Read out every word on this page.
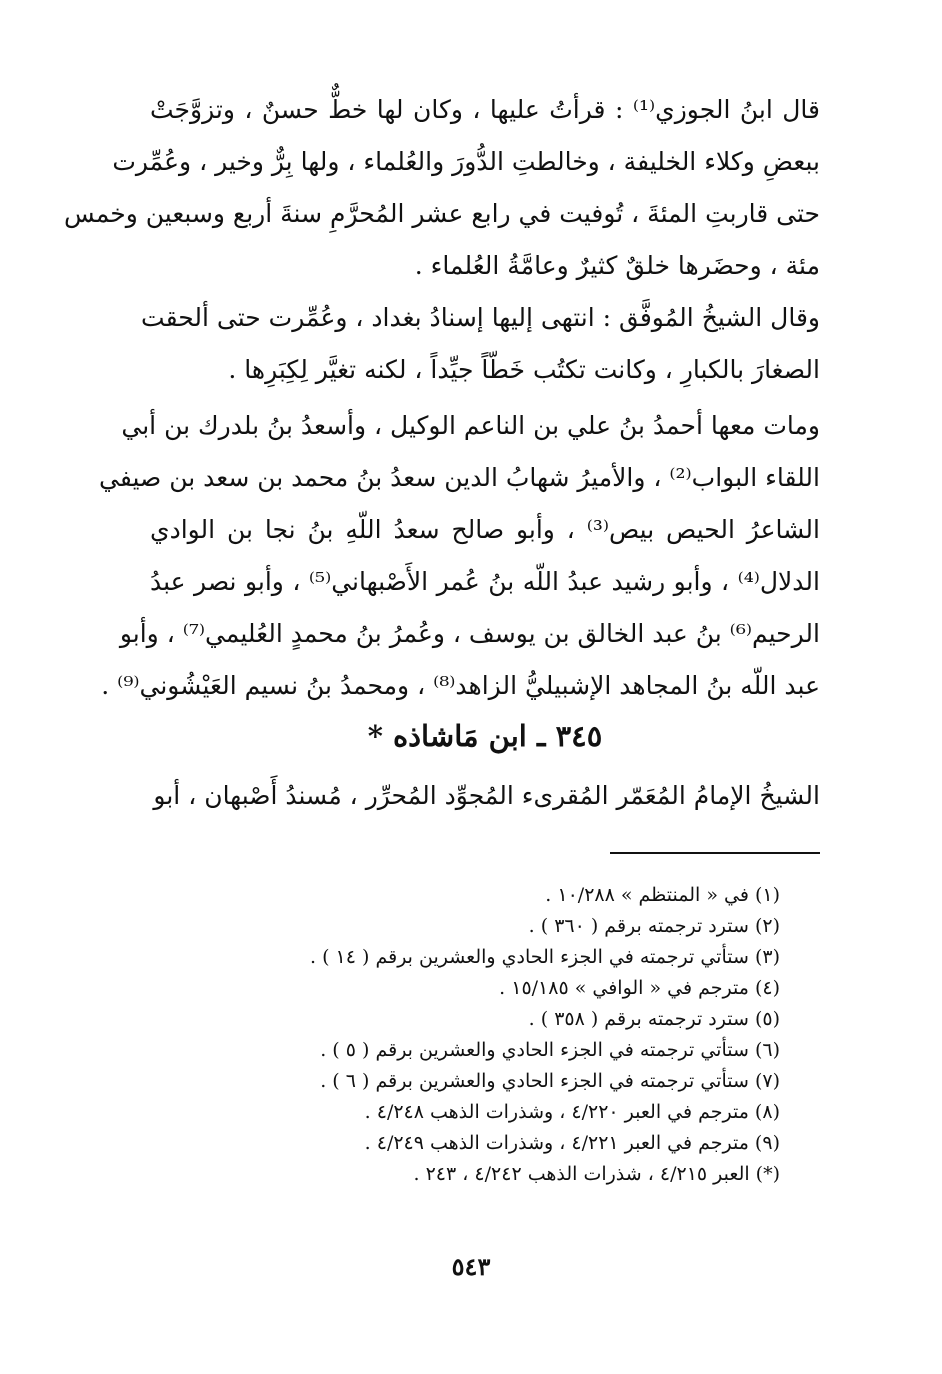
قال ابنُ الجوزي⁽¹⁾ : قرأتُ عليها ، وكان لها خطٌّ حسنٌ ، وتزوَّجَتْ
ببعضِ وكلاء الخليفة ، وخالطتِ الدُّورَ والعُلماء ، ولها بِرٌّ وخير ، وعُمِّرت
حتى قاربتِ المئةَ ، تُوفيت في رابع عشر المُحرَّمِ سنةَ أربع وسبعين وخمس
مئة ، وحضَرها خلقٌ كثيرٌ وعامَّةُ العُلماء .
وقال الشيخُ المُوفَّق : انتهى إليها إسنادُ بغداد ، وعُمِّرت حتى ألحقت
الصغارَ بالكبارِ ، وكانت تكتُب خَطّاً جيِّداً ، لكنه تغيَّر لِكِبَرِها .
ومات معها أحمدُ بنُ علي بن الناعم الوكيل ، وأسعدُ بنُ بلدرك بن أبي
اللقاء البواب⁽²⁾ ، والأميرُ شهابُ الدين سعدُ بنُ محمد بن سعد بن صيفي
الشاعرُ الحيص بيص⁽³⁾ ، وأبو صالح سعدُ اللّهِ بنُ نجا بن الوادي
الدلال⁽⁴⁾ ، وأبو رشيد عبدُ اللّه بنُ عُمر الأَصْبهاني⁽⁵⁾ ، وأبو نصر عبدُ
الرحيم⁽⁶⁾ بنُ عبد الخالق بن يوسف ، وعُمرُ بنُ محمدٍ العُليمي⁽⁷⁾ ، وأبو
عبد اللّه بنُ المجاهد الإشبيليُّ الزاهد⁽⁸⁾ ، ومحمدُ بنُ نسيم العَيْشُوني⁽⁹⁾ .
٣٤٥ ـ ابن مَاشاذه *
الشيخُ الإمامُ المُعَمّر المُقرىء المُجوِّد المُحرِّر ، مُسندُ أَصْبهان ، أبو
(١) في « المنتظم » ١٠/٢٨٨ .
(٢) سترد ترجمته برقم ( ٣٦٠ ) .
(٣) ستأتي ترجمته في الجزء الحادي والعشرين برقم ( ١٤ ) .
(٤) مترجم في « الوافي » ١٥/١٨٥ .
(٥) سترد ترجمته برقم ( ٣٥٨ ) .
(٦) ستأتي ترجمته في الجزء الحادي والعشرين برقم ( ٥ ) .
(٧) ستأتي ترجمته في الجزء الحادي والعشرين برقم ( ٦ ) .
(٨) مترجم في العبر ٤/٢٢٠ ، وشذرات الذهب ٤/٢٤٨ .
(٩) مترجم في العبر ٤/٢٢١ ، وشذرات الذهب ٤/٢٤٩ .
(*) العبر ٤/٢١٥ ، شذرات الذهب ٤/٢٤٢ ، ٢٤٣ .
٥٤٣
